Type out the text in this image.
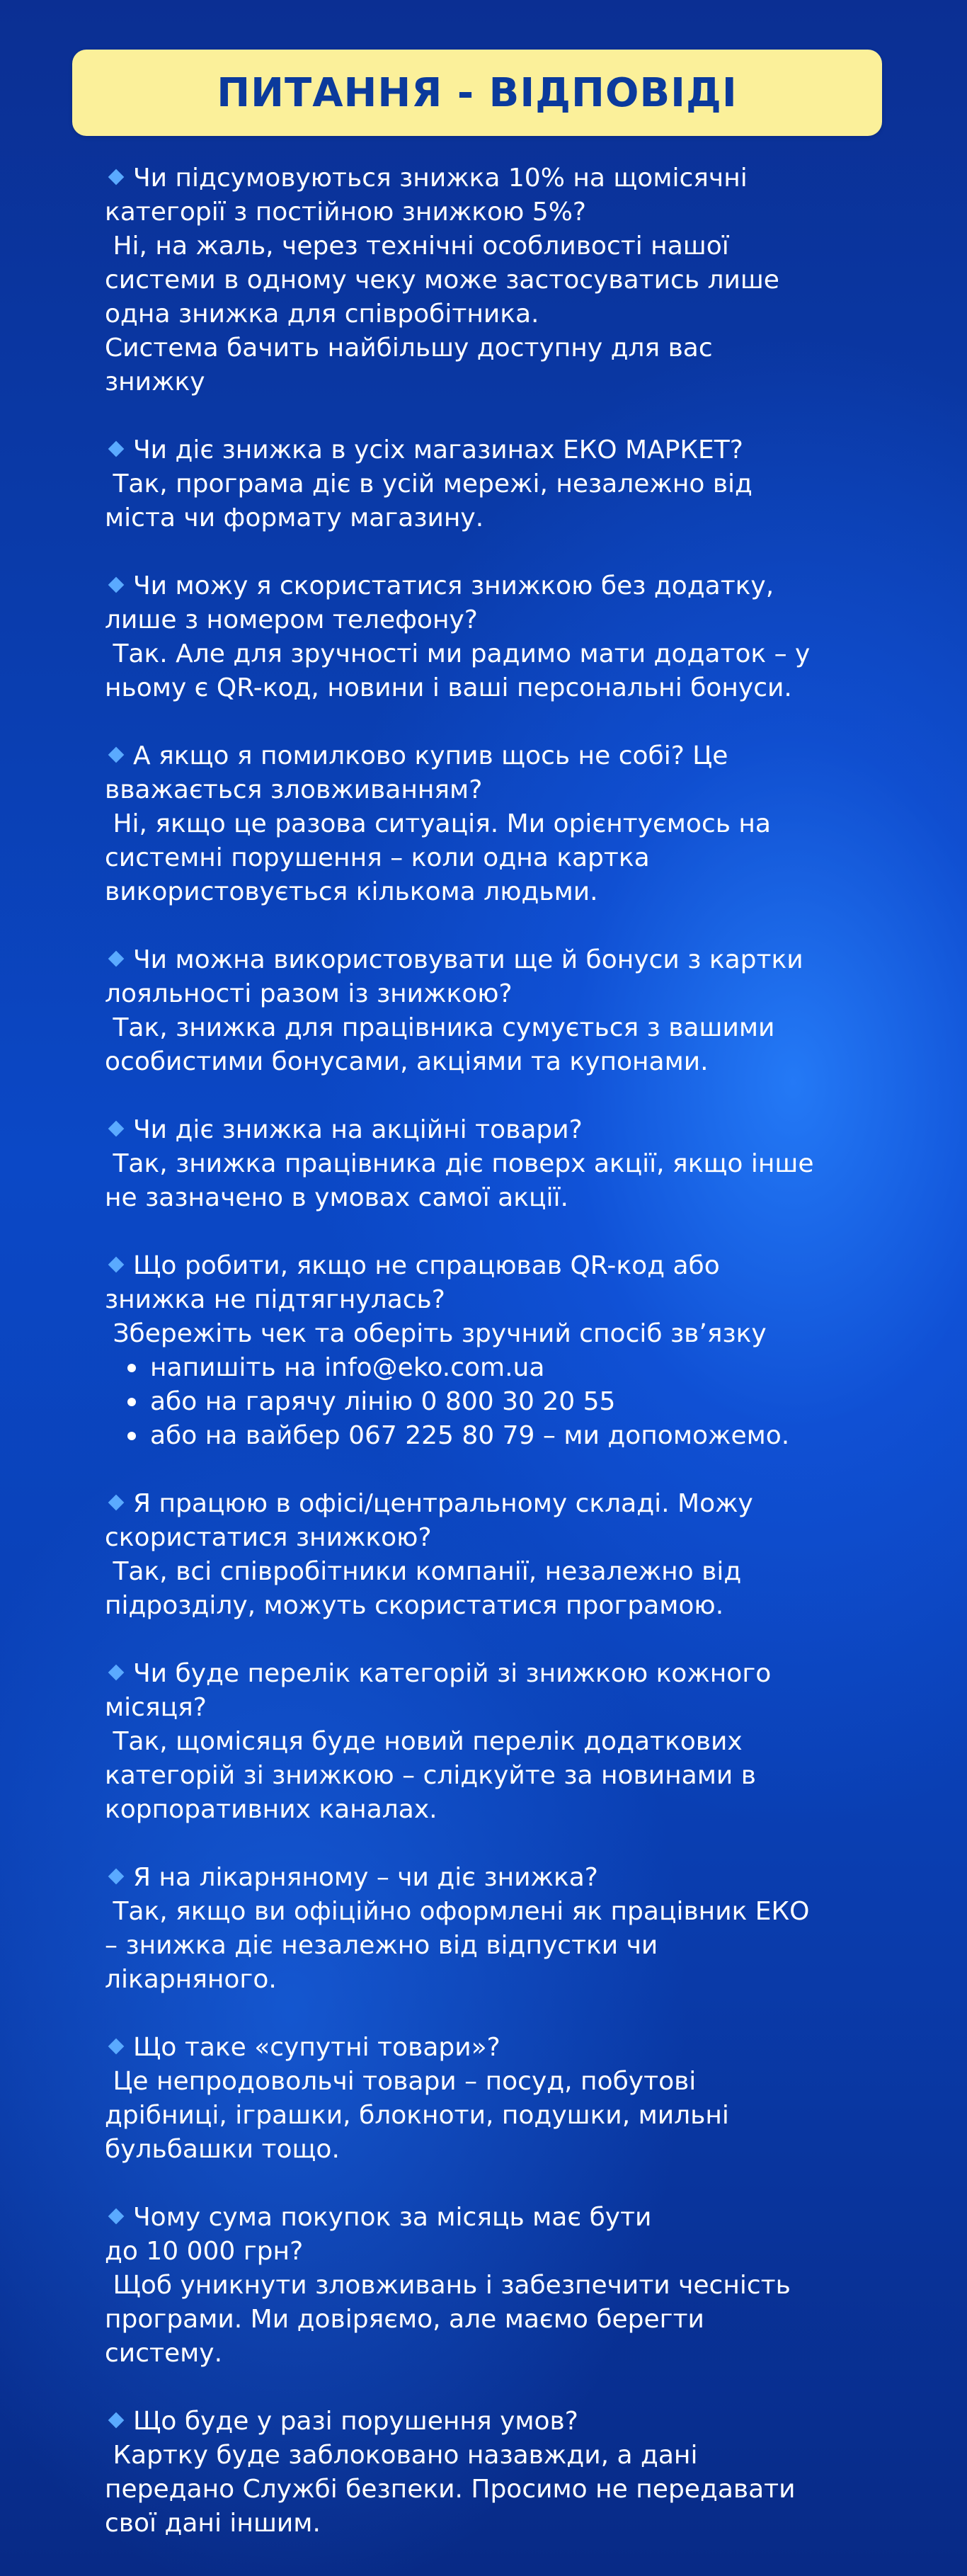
ПИТАННЯ - ВІДПОВІДІ
Чи підсумовуються знижка 10% на щомісячні
категорії з постійною знижкою 5%?
Ні, на жаль, через технічні особливості нашої
системи в одному чеку може застосуватись лише
одна знижка для співробітника.
Система бачить найбільшу доступну для вас
знижку
Чи діє знижка в усіх магазинах ЕКО МАРКЕТ?
Так, програма діє в усій мережі, незалежно від
міста чи формату магазину.
Чи можу я скористатися знижкою без додатку,
лише з номером телефону?
Так. Але для зручності ми радимо мати додаток – у
ньому є QR-код, новини і ваші персональні бонуси.
А якщо я помилково купив щось не собі? Це
вважається зловживанням?
Ні, якщо це разова ситуація. Ми орієнтуємось на
системні порушення – коли одна картка
використовується кількома людьми.
Чи можна використовувати ще й бонуси з картки
лояльності разом із знижкою?
Так, знижка для працівника сумується з вашими
особистими бонусами, акціями та купонами.
Чи діє знижка на акційні товари?
Так, знижка працівника діє поверх акції, якщо інше
не зазначено в умовах самої акції.
Що робити, якщо не спрацював QR-код або
знижка не підтягнулась?
Збережіть чек та оберіть зручний спосіб зв’язку
напишіть на info@eko.com.ua
або на гарячу лінію 0 800 30 20 55
або на вайбер 067 225 80 79 – ми допоможемо.
Я працюю в офісі/центральному складі. Можу
скористатися знижкою?
Так, всі співробітники компанії, незалежно від
підрозділу, можуть скористатися програмою.
Чи буде перелік категорій зі знижкою кожного
місяця?
Так, щомісяця буде новий перелік додаткових
категорій зі знижкою – слідкуйте за новинами в
корпоративних каналах.
Я на лікарняному – чи діє знижка?
Так, якщо ви офіційно оформлені як працівник ЕКО
– знижка діє незалежно від відпустки чи
лікарняного.
Що таке «супутні товари»?
Це непродовольчі товари – посуд, побутові
дрібниці, іграшки, блокноти, подушки, мильні
бульбашки тощо.
Чому сума покупок за місяць має бути
до 10 000 грн?
Щоб уникнути зловживань і забезпечити чесність
програми. Ми довіряємо, але маємо берегти
систему.
Що буде у разі порушення умов?
Картку буде заблоковано назавжди, а дані
передано Службі безпеки. Просимо не передавати
свої дані іншим.
